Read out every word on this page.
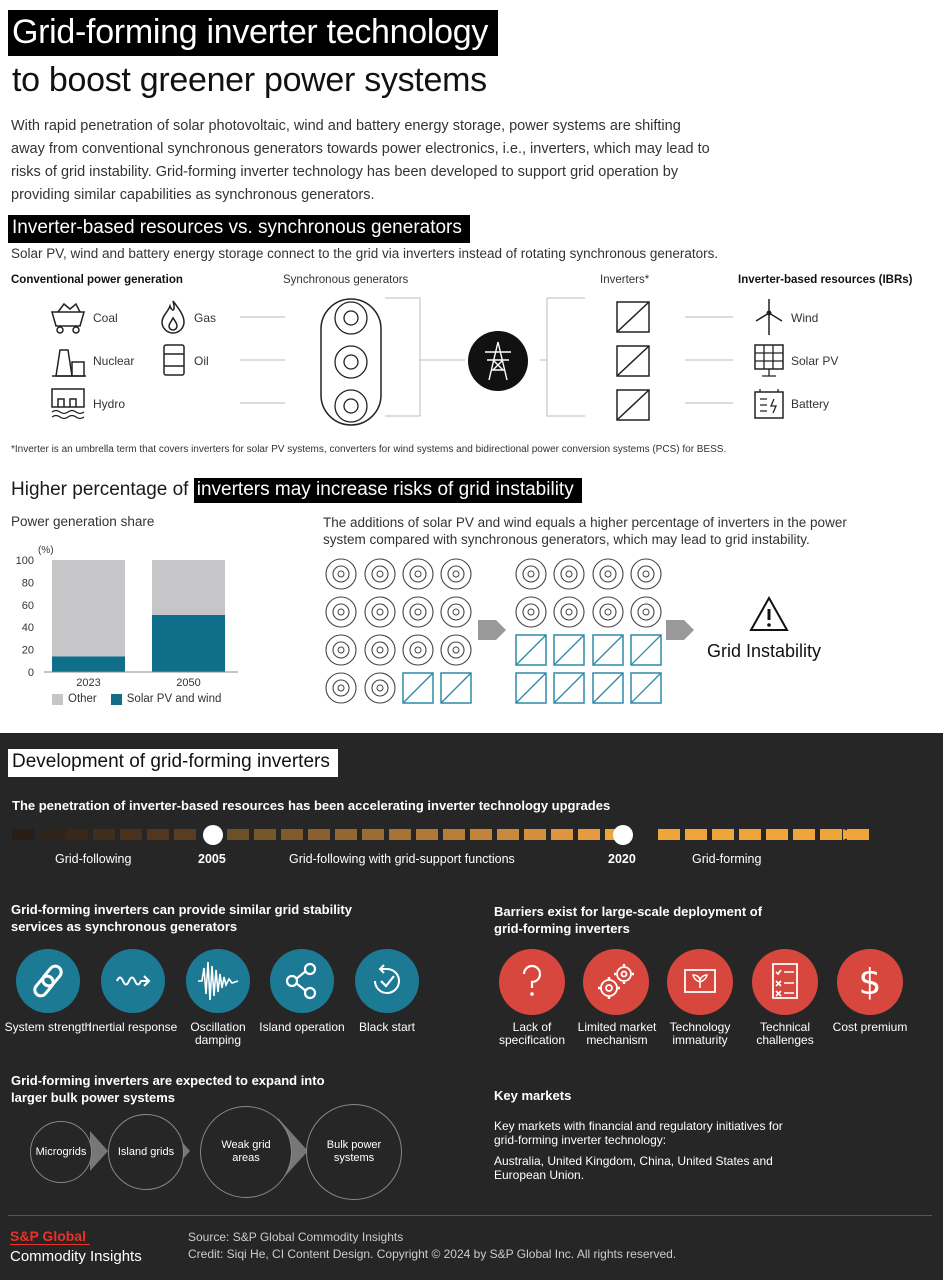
Grid-forming inverter technology
to boost greener power systems
With rapid penetration of solar photovoltaic, wind and battery energy storage, power systems are shifting away from conventional synchronous generators towards power electronics, i.e., inverters, which may lead to risks of grid instability. Grid-forming inverter technology has been developed to support grid operation by providing similar capabilities as synchronous generators.
Inverter-based resources vs. synchronous generators
Solar PV, wind and battery energy storage connect to the grid via inverters instead of rotating synchronous generators.
Conventional power generation	Synchronous generators	Inverters*	Inverter-based resources (IBRs)
Coal	Gas
Nuclear	Oil
Hydro
Wind
Solar PV
Battery
*Inverter is an umbrella term that covers inverters for solar PV systems, converters for wind systems and bidirectional power conversion systems (PCS) for BESS.
Higher percentage of inverters may increase risks of grid instability
Power generation share	The additions of solar PV and wind equals a higher percentage of inverters in the power system compared with synchronous generators, which may lead to grid instability.
(%)
0
20
40
60
80
100
2023	2050
Other	Solar PV and wind
Grid Instability
Development of grid-forming inverters
The penetration of inverter-based resources has been accelerating inverter technology upgrades
Grid-following	2005	Grid-following with grid-support functions	2020	Grid-forming
Grid-forming inverters can provide similar grid stability services as synchronous generators
System strength
Inertial response	Oscillation damping
Island operation	Black start
Barriers exist for large-scale deployment of grid-forming inverters
$
Lack of specification
Limited market mechanism
Technology immaturity
Technical challenges
Cost premium
Grid-forming inverters are expected to expand into larger bulk power systems
Microgrids	Island grids
Weak grid areas
Bulk power systems
Key markets
Key markets with financial and regulatory initiatives for grid-forming inverter technology:
Australia, United Kingdom, China, United States and European Union.
S&P Global
Commodity Insights
Source: S&P Global Commodity Insights
Credit: Siqi He, CI Content Design. Copyright © 2024 by S&P Global Inc. All rights reserved.
